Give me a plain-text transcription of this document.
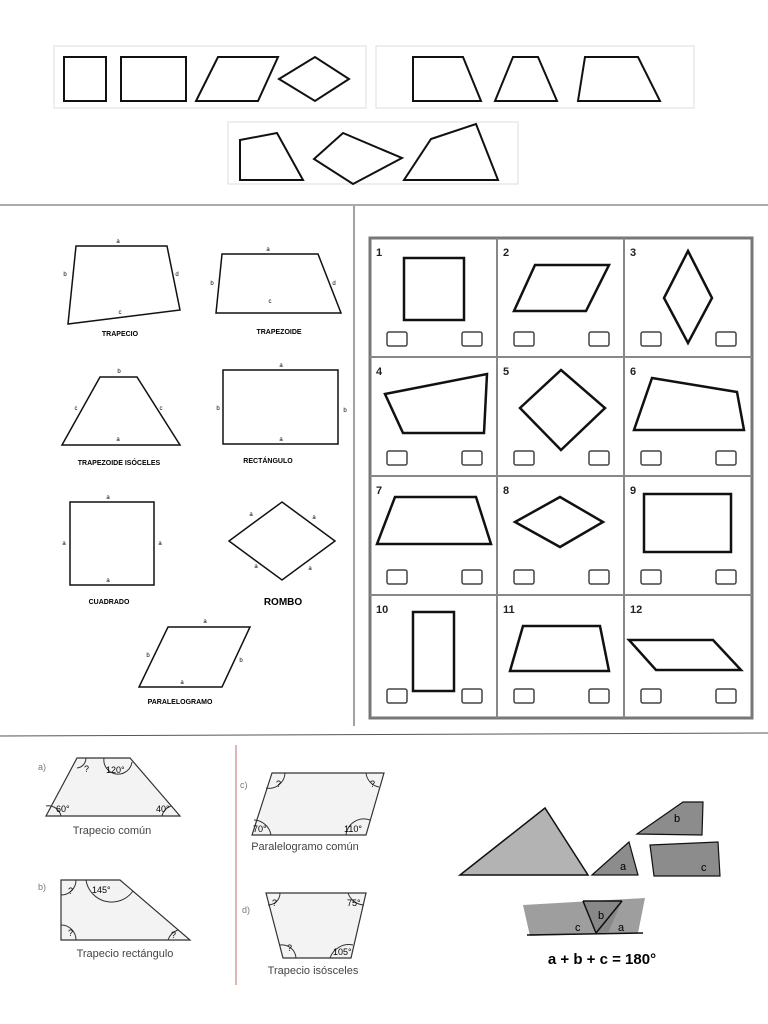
a
b
c
d
TRAPECIO
a
b
c
d
TRAPEZOIDE
b
c	c
a
TRAPEZOIDE ISÓCELES
a
b	b
a
RECTÁNGULO
a
a	a
a
CUADRADO
a	a
a	a
ROMBO
a
b
b
a
PARALELOGRAMO
1	2	3
4	5	6
7	8	9
10	11	12
a)	? 120°
60°	40°
Trapecio común
b) ? 145°
?	?
Trapecio rectángulo
c)	?	?
70°	110°
Paralelogramo común
d)
?	75°
?	105°
Trapecio isósceles
a
b
c
c
b
a
a + b + c = 180°
